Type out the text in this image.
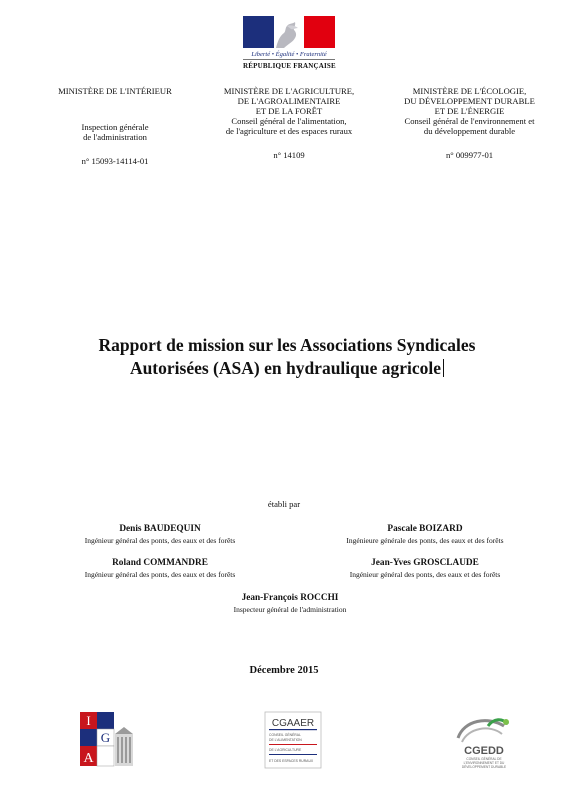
Liberté • Égalité • Fraternité
RÉPUBLIQUE FRANÇAISE
MINISTÈRE DE L'INTÉRIEUR
Inspection générale
de l'administration
n° 15093-14114-01
MINISTÈRE DE L'AGRICULTURE,
DE L'AGROALIMENTAIRE
ET DE LA FORÊT
Conseil général de l'alimentation,
de l'agriculture et des espaces ruraux
n° 14109
MINISTÈRE DE L'ÉCOLOGIE,
DU DÉVELOPPEMENT DURABLE
ET DE L'ÉNERGIE
Conseil général de l'environnement et
du développement durable
n° 009977-01
Rapport de mission sur les Associations Syndicales
Autorisées (ASA) en hydraulique agricole
établi par
Denis BAUDEQUIN
Ingénieur général des ponts, des eaux et des forêts
Pascale BOIZARD
Ingénieure générale des ponts, des eaux et des forêts
Roland COMMANDRE
Ingénieur général des ponts, des eaux et des forêts
Jean-Yves GROSCLAUDE
Ingénieur général des ponts, des eaux et des forêts
Jean-François ROCCHI
Inspecteur général de l'administration
Décembre 2015
I
G
A
CGAAER
CONSEIL GÉNÉRAL
DE L'ALIMENTATION
DE L'AGRICULTURE
ET DES ESPACES RURAUX
CGEDD
CONSEIL GÉNÉRAL DE
L'ENVIRONNEMENT ET DU
DÉVELOPPEMENT DURABLE
